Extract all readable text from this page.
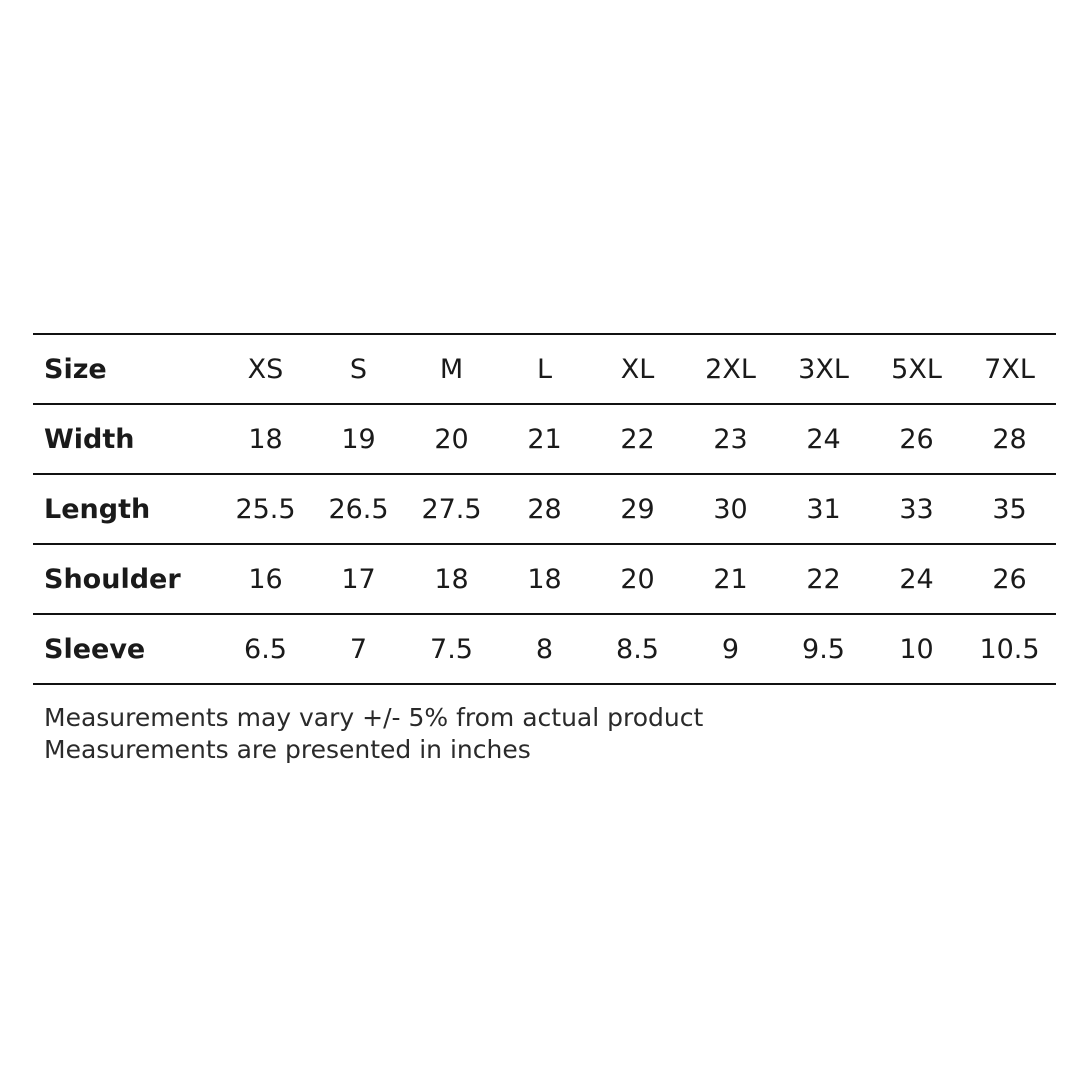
Size	XS	S	M	L	XL	2XL	3XL	5XL	7XL
Width	18	19	20	21	22	23	24	26	28
Length	25.5	26.5	27.5	28	29	30	31	33	35
Shoulder	16	17	18	18	20	21	22	24	26
Sleeve	6.5	7	7.5	8	8.5	9	9.5	10	10.5
Measurements may vary +/- 5% from actual product
Measurements are presented in inches
